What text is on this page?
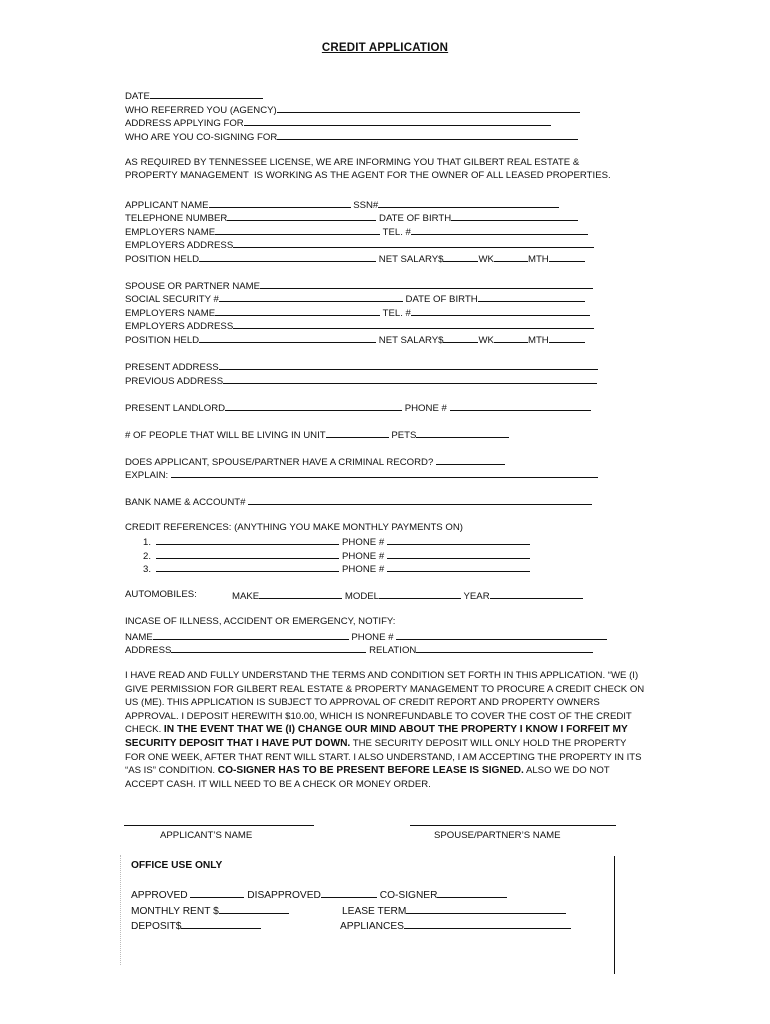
CREDIT APPLICATION
DATE
WHO REFERRED YOU (AGENCY)
ADDRESS APPLYING FOR
WHO ARE YOU CO-SIGNING FOR
AS REQUIRED BY TENNESSEE LICENSE, WE ARE INFORMING YOU THAT GILBERT REAL ESTATE &
PROPERTY MANAGEMENT  IS WORKING AS THE AGENT FOR THE OWNER OF ALL LEASED PROPERTIES.
APPLICANT NAME	SSN#
TELEPHONE NUMBER	DATE OF BIRTH
EMPLOYERS NAME	TEL. #
EMPLOYERS ADDRESS
POSITION HELD	NET SALARY$	WK	MTH
SPOUSE OR PARTNER NAME
SOCIAL SECURITY #	DATE OF BIRTH
EMPLOYERS NAME	TEL. #
EMPLOYERS ADDRESS
POSITION HELD	NET SALARY$	WK	MTH
PRESENT ADDRESS
PREVIOUS ADDRESS
PRESENT LANDLORD	PHONE #
# OF PEOPLE THAT WILL BE LIVING IN UNIT	PETS
DOES APPLICANT, SPOUSE/PARTNER HAVE A CRIMINAL RECORD?
EXPLAIN:
BANK NAME & ACCOUNT#
CREDIT REFERENCES: (ANYTHING YOU MAKE MONTHLY PAYMENTS ON)
1.	PHONE #
2.	PHONE #
3.	PHONE #
AUTOMOBILES:	MAKE	MODEL	YEAR
INCASE OF ILLNESS, ACCIDENT OR EMERGENCY, NOTIFY:
NAME	PHONE #
ADDRESS	RELATION
I HAVE READ AND FULLY UNDERSTAND THE TERMS AND CONDITION SET FORTH IN THIS APPLICATION. “WE (I) GIVE PERMISSION FOR GILBERT REAL ESTATE & PROPERTY MANAGEMENT TO PROCURE A CREDIT CHECK ON US (ME). THIS APPLICATION IS SUBJECT TO APPROVAL OF CREDIT REPORT AND PROPERTY OWNERS APPROVAL. I DEPOSIT HEREWITH $10.00, WHICH IS NONREFUNDABLE TO COVER THE COST OF THE CREDIT CHECK. IN THE EVENT THAT WE (I) CHANGE OUR MIND ABOUT THE PROPERTY I KNOW I FORFEIT MY SECURITY DEPOSIT THAT I HAVE PUT DOWN. THE SECURITY DEPOSIT WILL ONLY HOLD THE PROPERTY FOR ONE WEEK, AFTER THAT RENT WILL START. I ALSO UNDERSTAND, I AM ACCEPTING THE PROPERTY IN ITS “AS IS” CONDITION. CO-SIGNER HAS TO BE PRESENT BEFORE LEASE IS SIGNED. ALSO WE DO NOT ACCEPT CASH. IT WILL NEED TO BE A CHECK OR MONEY ORDER.
APPLICANT’S NAME	SPOUSE/PARTNER’S NAME
OFFICE USE ONLY
APPROVED	DISAPPROVED	CO-SIGNER
MONTHLY RENT $	LEASE TERM
DEPOSIT$	APPLIANCES
